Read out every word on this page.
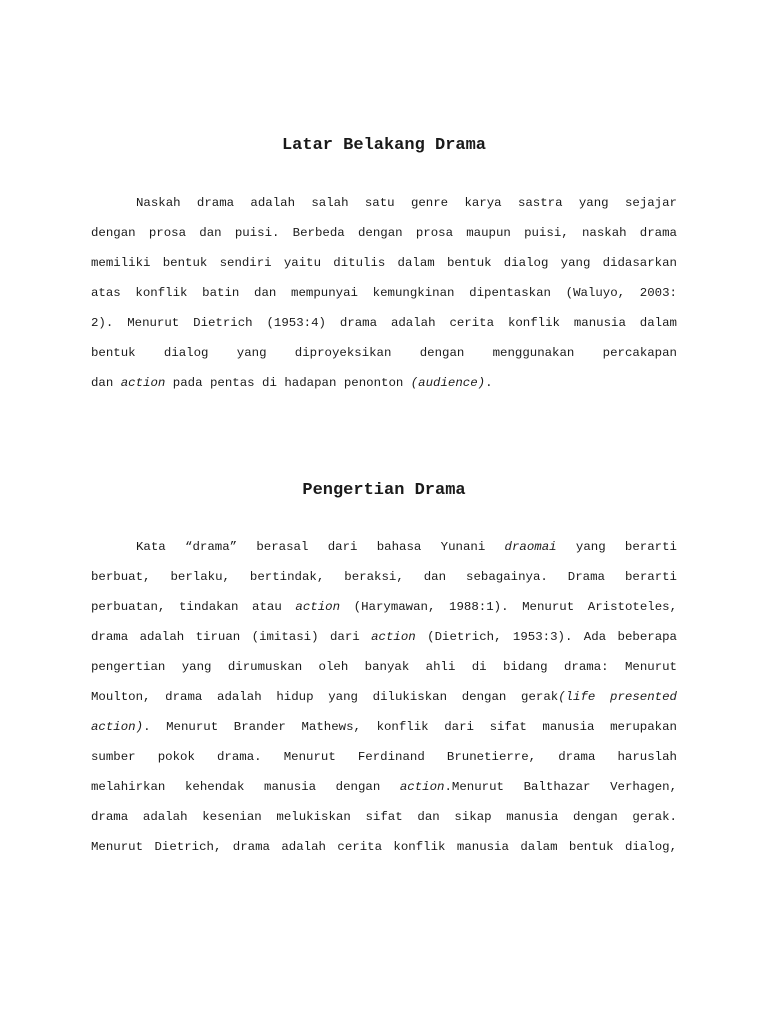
Latar Belakang Drama
Naskah drama adalah salah satu genre karya sastra yang sejajar
dengan prosa dan puisi. Berbeda dengan prosa maupun puisi, naskah drama
memiliki bentuk sendiri yaitu ditulis dalam bentuk dialog yang didasarkan
atas konflik batin dan mempunyai kemungkinan dipentaskan (Waluyo, 2003:
2). Menurut Dietrich (1953:4) drama adalah cerita konflik manusia dalam
bentuk dialog yang diproyeksikan dengan menggunakan percakapan
dan action pada pentas di hadapan penonton (audience).
Pengertian Drama
Kata “drama” berasal dari bahasa Yunani draomai yang berarti
berbuat, berlaku, bertindak, beraksi, dan sebagainya. Drama berarti
perbuatan, tindakan atau action (Harymawan, 1988:1). Menurut Aristoteles,
drama adalah tiruan (imitasi) dari action (Dietrich, 1953:3). Ada beberapa
pengertian yang dirumuskan oleh banyak ahli di bidang drama: Menurut
Moulton, drama adalah hidup yang dilukiskan dengan gerak(life presented
action). Menurut Brander Mathews, konflik dari sifat manusia merupakan
sumber pokok drama. Menurut Ferdinand Brunetierre, drama haruslah
melahirkan kehendak manusia dengan action.Menurut Balthazar Verhagen,
drama adalah kesenian melukiskan sifat dan sikap manusia dengan gerak.
Menurut Dietrich, drama adalah cerita konflik manusia dalam bentuk dialog,
